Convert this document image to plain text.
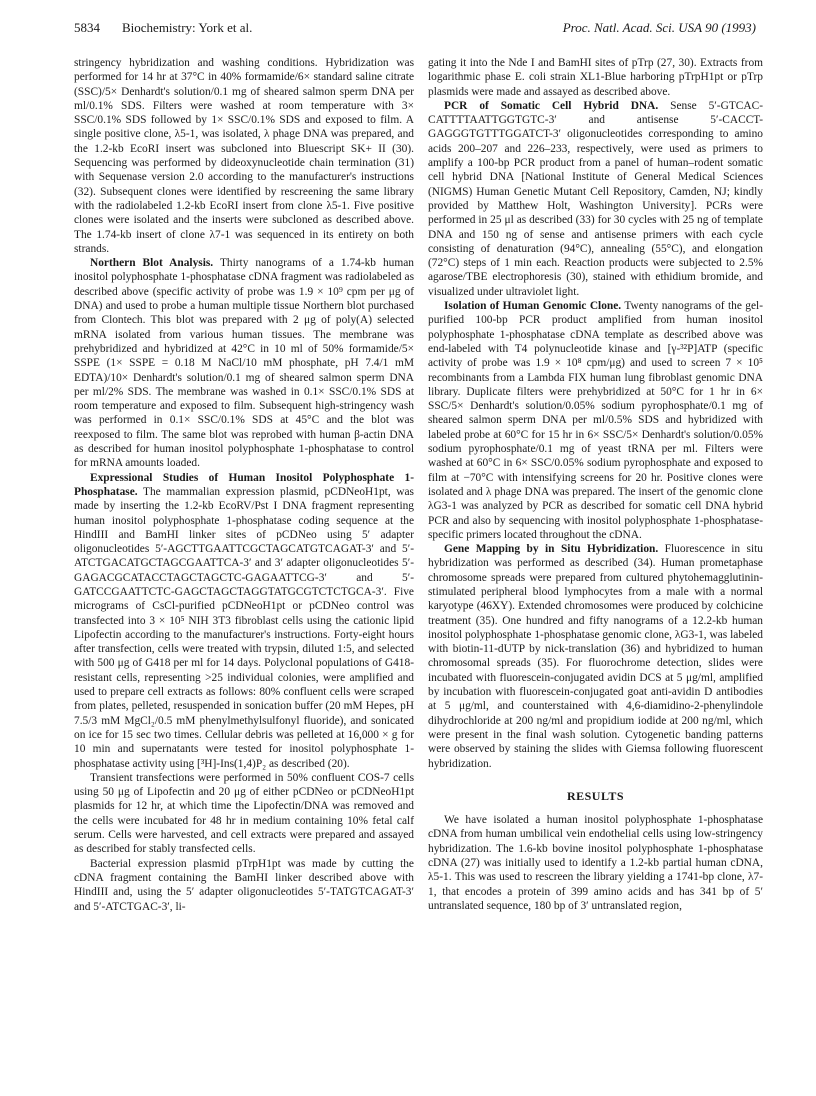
5834 Biochemistry: York et al.	Proc. Natl. Acad. Sci. USA 90 (1993)

stringency hybridization and washing conditions. Hybridization was performed for 14 hr at 37°C in 40% formamide/6× standard saline citrate (SSC)/5× Denhardt's solution/0.1 mg of sheared salmon sperm DNA per ml/0.1% SDS. Filters were washed at room temperature with 3× SSC/0.1% SDS followed by 1× SSC/0.1% SDS and exposed to film. A single positive clone, λ5-1, was isolated, λ phage DNA was prepared, and the 1.2-kb EcoRI insert was subcloned into Bluescript SK+ II (30). Sequencing was performed by dideoxynucleotide chain termination (31) with Sequenase version 2.0 according to the manufacturer's instructions (32). Subsequent clones were identified by rescreening the same library with the radiolabeled 1.2-kb EcoRI insert from clone λ5-1. Five positive clones were isolated and the inserts were subcloned as described above. The 1.74-kb insert of clone λ7-1 was sequenced in its entirety on both strands.

Northern Blot Analysis. Thirty nanograms of a 1.74-kb human inositol polyphosphate 1-phosphatase cDNA fragment was radiolabeled as described above (specific activity of probe was 1.9 × 10⁹ cpm per μg of DNA) and used to probe a human multiple tissue Northern blot purchased from Clontech. This blot was prepared with 2 μg of poly(A) selected mRNA isolated from various human tissues. The membrane was prehybridized and hybridized at 42°C in 10 ml of 50% formamide/5× SSPE (1× SSPE = 0.18 M NaCl/10 mM phosphate, pH 7.4/1 mM EDTA)/10× Denhardt's solution/0.1 mg of sheared salmon sperm DNA per ml/2% SDS. The membrane was washed in 0.1× SSC/0.1% SDS at room temperature and exposed to film. Subsequent high-stringency wash was performed in 0.1× SSC/0.1% SDS at 45°C and the blot was reexposed to film. The same blot was reprobed with human β-actin DNA as described for human inositol polyphosphate 1-phosphatase to control for mRNA amounts loaded.

Expressional Studies of Human Inositol Polyphosphate 1-Phosphatase. The mammalian expression plasmid, pCDNeoH1pt, was made by inserting the 1.2-kb EcoRV/Pst I DNA fragment representing human inositol polyphosphate 1-phosphatase coding sequence at the HindIII and BamHI linker sites of pCDNeo using 5′ adapter oligonucleotides 5′-AGCTTGAATTCGCTAGCATGTCAGAT-3′ and 5′-ATCTGACATGCTAGCGAATTCA-3′ and 3′ adapter oligonucleotides 5′-GAGACGCATACCTAGCTAGCTC-GAGAATTCG-3′ and 5′-GATCCGAATTCTC-GAGCTAGCTAGGTATGCGTCTCTGCA-3′. Five micrograms of CsCl-purified pCDNeoH1pt or pCDNeo control was transfected into 3 × 10⁵ NIH 3T3 fibroblast cells using the cationic lipid Lipofectin according to the manufacturer's instructions. Forty-eight hours after transfection, cells were treated with trypsin, diluted 1:5, and selected with 500 μg of G418 per ml for 14 days. Polyclonal populations of G418-resistant cells, representing >25 individual colonies, were amplified and used to prepare cell extracts as follows: 80% confluent cells were scraped from plates, pelleted, resuspended in sonication buffer (20 mM Hepes, pH 7.5/3 mM MgCl₂/0.5 mM phenylmethylsulfonyl fluoride), and sonicated on ice for 15 sec two times. Cellular debris was pelleted at 16,000 × g for 10 min and supernatants were tested for inositol polyphosphate 1-phosphatase activity using [³H]-Ins(1,4)P₂ as described (20).

Transient transfections were performed in 50% confluent COS-7 cells using 50 μg of Lipofectin and 20 μg of either pCDNeo or pCDNeoH1pt plasmids for 12 hr, at which time the Lipofectin/DNA was removed and the cells were incubated for 48 hr in medium containing 10% fetal calf serum. Cells were harvested, and cell extracts were prepared and assayed as described for stably transfected cells.

Bacterial expression plasmid pTrpH1pt was made by cutting the cDNA fragment containing the BamHI linker described above with HindIII and, using the 5′ adapter oligonucleotides 5′-TATGTCAGAT-3′ and 5′-ATCTGAC-3′, li-

gating it into the Nde I and BamHI sites of pTrp (27, 30). Extracts from logarithmic phase E. coli strain XL1-Blue harboring pTrpH1pt or pTrp plasmids were made and assayed as described above.

PCR of Somatic Cell Hybrid DNA. Sense 5′-GTCAC-CATTTTAATTGGTGTC-3′ and antisense 5′-CACCT-GAGGGTGTTTGGATCT-3′ oligonucleotides corresponding to amino acids 200–207 and 226–233, respectively, were used as primers to amplify a 100-bp PCR product from a panel of human–rodent somatic cell hybrid DNA [National Institute of General Medical Sciences (NIGMS) Human Genetic Mutant Cell Repository, Camden, NJ; kindly provided by Matthew Holt, Washington University]. PCRs were performed in 25 μl as described (33) for 30 cycles with 25 ng of template DNA and 150 ng of sense and antisense primers with each cycle consisting of denaturation (94°C), annealing (55°C), and elongation (72°C) steps of 1 min each. Reaction products were subjected to 2.5% agarose/TBE electrophoresis (30), stained with ethidium bromide, and visualized under ultraviolet light.

Isolation of Human Genomic Clone. Twenty nanograms of the gel-purified 100-bp PCR product amplified from human inositol polyphosphate 1-phosphatase cDNA template as described above was end-labeled with T4 polynucleotide kinase and [γ-³²P]ATP (specific activity of probe was 1.9 × 10⁸ cpm/μg) and used to screen 7 × 10⁵ recombinants from a Lambda FIX human lung fibroblast genomic DNA library. Duplicate filters were prehybridized at 50°C for 1 hr in 6× SSC/5× Denhardt's solution/0.05% sodium pyrophosphate/0.1 mg of sheared salmon sperm DNA per ml/0.5% SDS and hybridized with labeled probe at 60°C for 15 hr in 6× SSC/5× Denhardt's solution/0.05% sodium pyrophosphate/0.1 mg of yeast tRNA per ml. Filters were washed at 60°C in 6× SSC/0.05% sodium pyrophosphate and exposed to film at −70°C with intensifying screens for 20 hr. Positive clones were isolated and λ phage DNA was prepared. The insert of the genomic clone λG3-1 was analyzed by PCR as described for somatic cell DNA hybrid PCR and also by sequencing with inositol polyphosphate 1-phosphatase-specific primers located throughout the cDNA.

Gene Mapping by in Situ Hybridization. Fluorescence in situ hybridization was performed as described (34). Human prometaphase chromosome spreads were prepared from cultured phytohemagglutinin-stimulated peripheral blood lymphocytes from a male with a normal karyotype (46XY). Extended chromosomes were produced by colchicine treatment (35). One hundred and fifty nanograms of a 12.2-kb human inositol polyphosphate 1-phosphatase genomic clone, λG3-1, was labeled with biotin-11-dUTP by nick-translation (36) and hybridized to human chromosomal spreads (35). For fluorochrome detection, slides were incubated with fluorescein-conjugated avidin DCS at 5 μg/ml, amplified by incubation with fluorescein-conjugated goat anti-avidin D antibodies at 5 μg/ml, and counterstained with 4,6-diamidino-2-phenylindole dihydrochloride at 200 ng/ml and propidium iodide at 200 ng/ml, which were present in the final wash solution. Cytogenetic banding patterns were observed by staining the slides with Giemsa following fluorescent hybridization.

RESULTS

We have isolated a human inositol polyphosphate 1-phosphatase cDNA from human umbilical vein endothelial cells using low-stringency hybridization. The 1.6-kb bovine inositol polyphosphate 1-phosphatase cDNA (27) was initially used to identify a 1.2-kb partial human cDNA, λ5-1. This was used to rescreen the library yielding a 1741-bp clone, λ7-1, that encodes a protein of 399 amino acids and has 341 bp of 5′ untranslated sequence, 180 bp of 3′ untranslated region,
